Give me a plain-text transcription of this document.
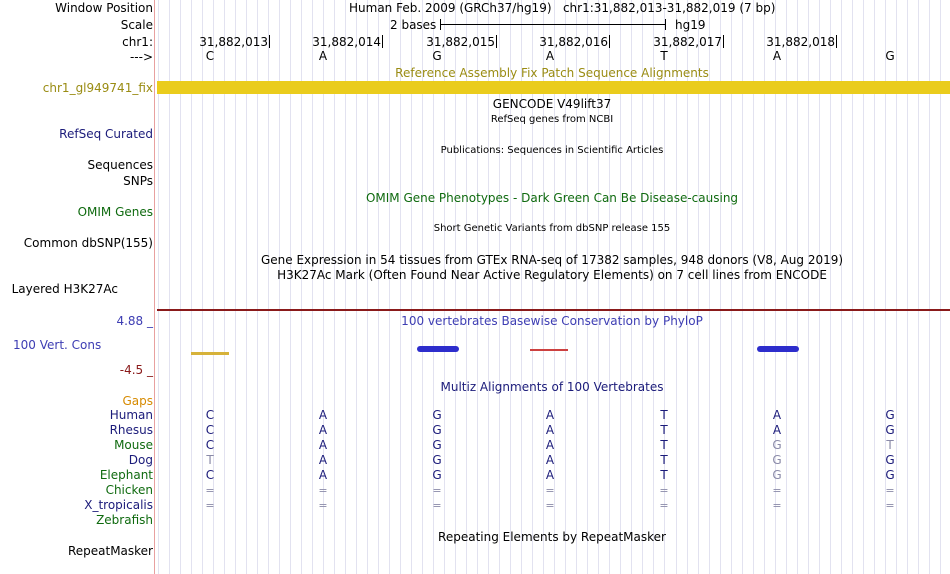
Window Position
Scale
chr1:
--->
Human Feb. 2009 (GRCh37/hg19)   chr1:31,882,013-31,882,019 (7 bp)
2 bases	hg19
31,882,013	31,882,014	31,882,015	31,882,016	31,882,017	31,882,018
C	A	G	A	T	A	G
Reference Assembly Fix Patch Sequence Alignments
chr1_gl949741_fix
GENCODE V49lift37
RefSeq genes from NCBI
RefSeq Curated
Publications: Sequences in Scientific Articles
Sequences
SNPs
OMIM Gene Phenotypes - Dark Green Can Be Disease-causing
OMIM Genes
Short Genetic Variants from dbSNP release 155
Common dbSNP(155)
Gene Expression in 54 tissues from GTEx RNA-seq of 17382 samples, 948 donors (V8, Aug 2019)
H3K27Ac Mark (Often Found Near Active Regulatory Elements) on 7 cell lines from ENCODE
Layered H3K27Ac
4.88 _	100 vertebrates Basewise Conservation by PhyloP
100 Vert. Cons
-4.5 _
Multiz Alignments of 100 Vertebrates
Gaps
Human	C	A	G	A	T	A	G
Rhesus	C	A	G	A	T	A	G
Mouse	C	A	G	A	T	G	T
Dog	T	A	G	A	T	G	G
Elephant	C	A	G	A	T	G	G
Chicken	=	=	=	=	=	=	=
X_tropicalis	=	=	=	=	=	=	=
Zebrafish
Repeating Elements by RepeatMasker
RepeatMasker
